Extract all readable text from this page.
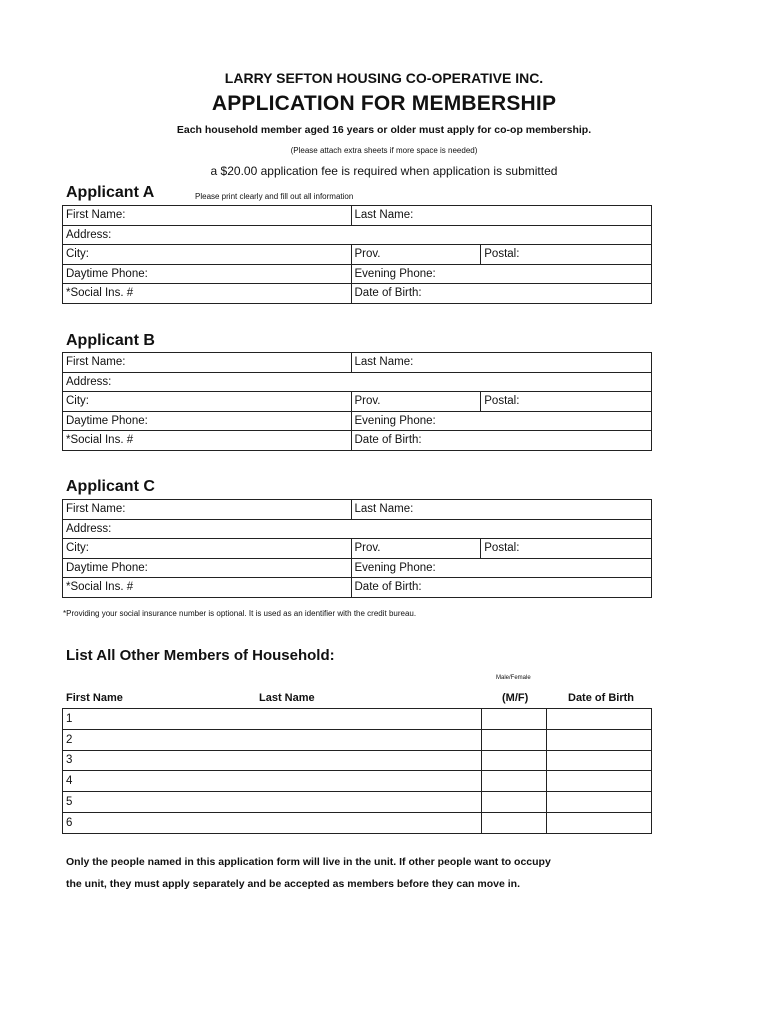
LARRY SEFTON HOUSING CO-OPERATIVE INC.
APPLICATION FOR MEMBERSHIP
Each household member aged 16 years or older must apply for co-op membership.
(Please attach extra sheets if more space is needed)
a $20.00 application fee is required when application is submitted
Applicant A	Please print clearly and fill out all information
First Name:	Last Name:	
Address:		
City:	Prov.	Postal:
Daytime Phone:	Evening Phone:	
*Social Ins. #	Date of Birth:	
Applicant B
First Name:	Last Name:	
Address:		
City:	Prov.	Postal:
Daytime Phone:	Evening Phone:	
*Social Ins. #	Date of Birth:	
Applicant C
First Name:	Last Name:	
Address:		
City:	Prov.	Postal:
Daytime Phone:	Evening Phone:	
*Social Ins. #	Date of Birth:	
*Providing your social insurance number is optional. It is used as an identifier with the credit bureau.
List All Other Members of Household:
Male/Female
First Name	Last Name	(M/F)	Date of Birth
1		
2		
3		
4		
5		
6		
Only the people named in this application form will live in the unit. If other people want to occupy
the unit, they must apply separately and be accepted as members before they can move in.
